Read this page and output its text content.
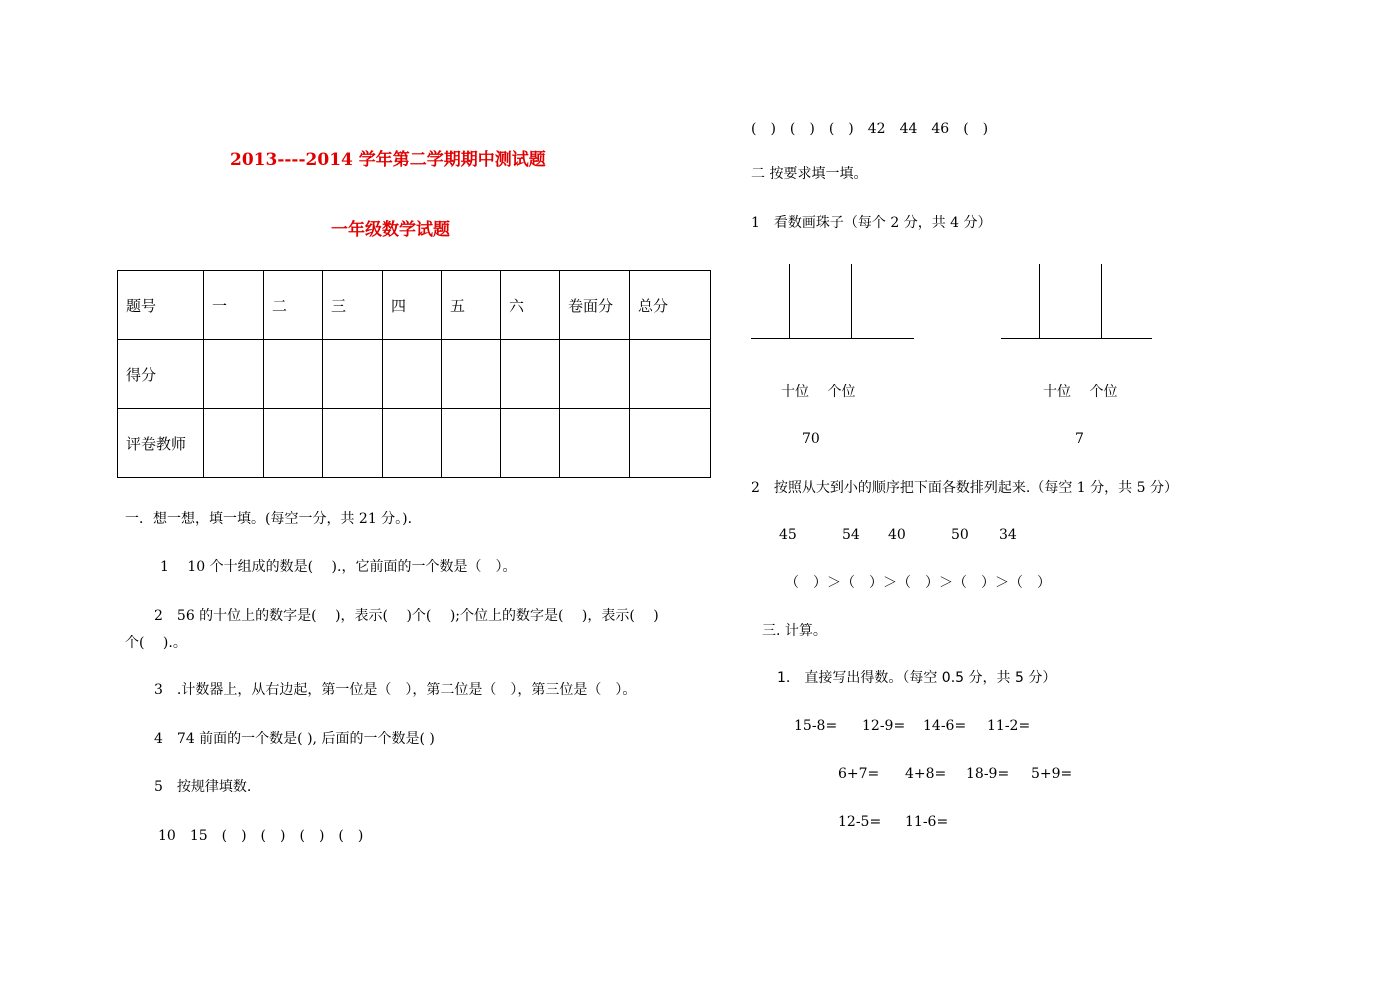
2013----2014 学年第二学期期中测试题
一年级数学试题
题号	一	二	三	四	五	六	卷面分	总分
得分								
评卷教师								
一．想一想，填一填。(每空一分，共 21 分。)．
1　 10 个十组成的数是(　 ).，它前面的一个数是（　）。
2　56 的十位上的数字是(　 )，表示(　 )个(　 );个位上的数字是(　 )，表示(　 )
个(　 ).。
3　.计数器上，从右边起，第一位是（　），第二位是（　），第三位是（　）。
4　74 前面的一个数是( ), 后面的一个数是( )
5　按规律填数.
10　15　(　)　(　)　(　)　(　)
(　)　(　)　(　)　42　44　46　(　)
二 按要求填一填。
1　看数画珠子（每个 2 分，共 4 分）
十位　 个位
70
十位　 个位
7
2　按照从大到小的顺序把下面各数排列起来.（每空 1 分，共 5 分）
45	54 40	50 34
（　）＞（　）＞（　）＞（　）＞（　）
三. 计算。
1.　直接写出得数。（每空 0.5 分，共 5 分）
15-8= 12-9= 14-6= 11-2=
6+7= 4+8= 18-9= 5+9=
12-5= 11-6=
